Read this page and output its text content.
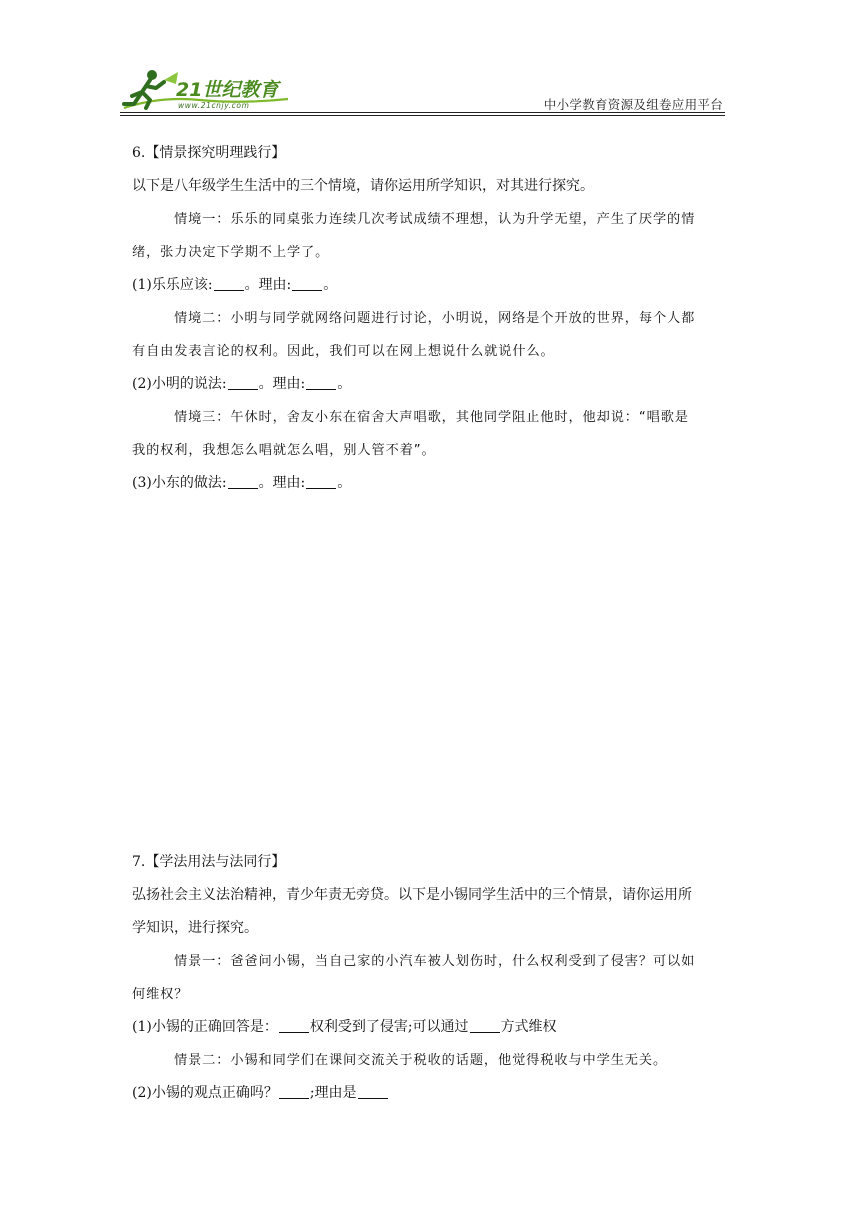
21世纪教育
www.21cnjy.com	中小学教育资源及组卷应用平台
6.【情景探究明理践行】
以下是八年级学生生活中的三个情境，请你运用所学知识，对其进行探究。
情境一：乐乐的同桌张力连续几次考试成绩不理想，认为升学无望，产生了厌学的情
绪，张力决定下学期不上学了。
(1)乐乐应该: 。理由: 。
情境二：小明与同学就网络问题进行讨论，小明说，网络是个开放的世界，每个人都
有自由发表言论的权利。因此，我们可以在网上想说什么就说什么。
(2)小明的说法: 。理由: 。
情境三：午休时，舍友小东在宿舍大声唱歌，其他同学阻止他时，他却说：“唱歌是
我的权利，我想怎么唱就怎么唱，别人管不着”。
(3)小东的做法: 。理由: 。
7.【学法用法与法同行】
弘扬社会主义法治精神，青少年责无旁贷。以下是小锡同学生活中的三个情景，请你运用所
学知识，进行探究。
情景一：爸爸问小锡，当自己家的小汽车被人划伤时，什么权利受到了侵害？可以如
何维权？
(1)小锡的正确回答是： 权利受到了侵害;可以通过 方式维权
情景二：小锡和同学们在课间交流关于税收的话题，他觉得税收与中学生无关。
(2)小锡的观点正确吗？ ;理由是
